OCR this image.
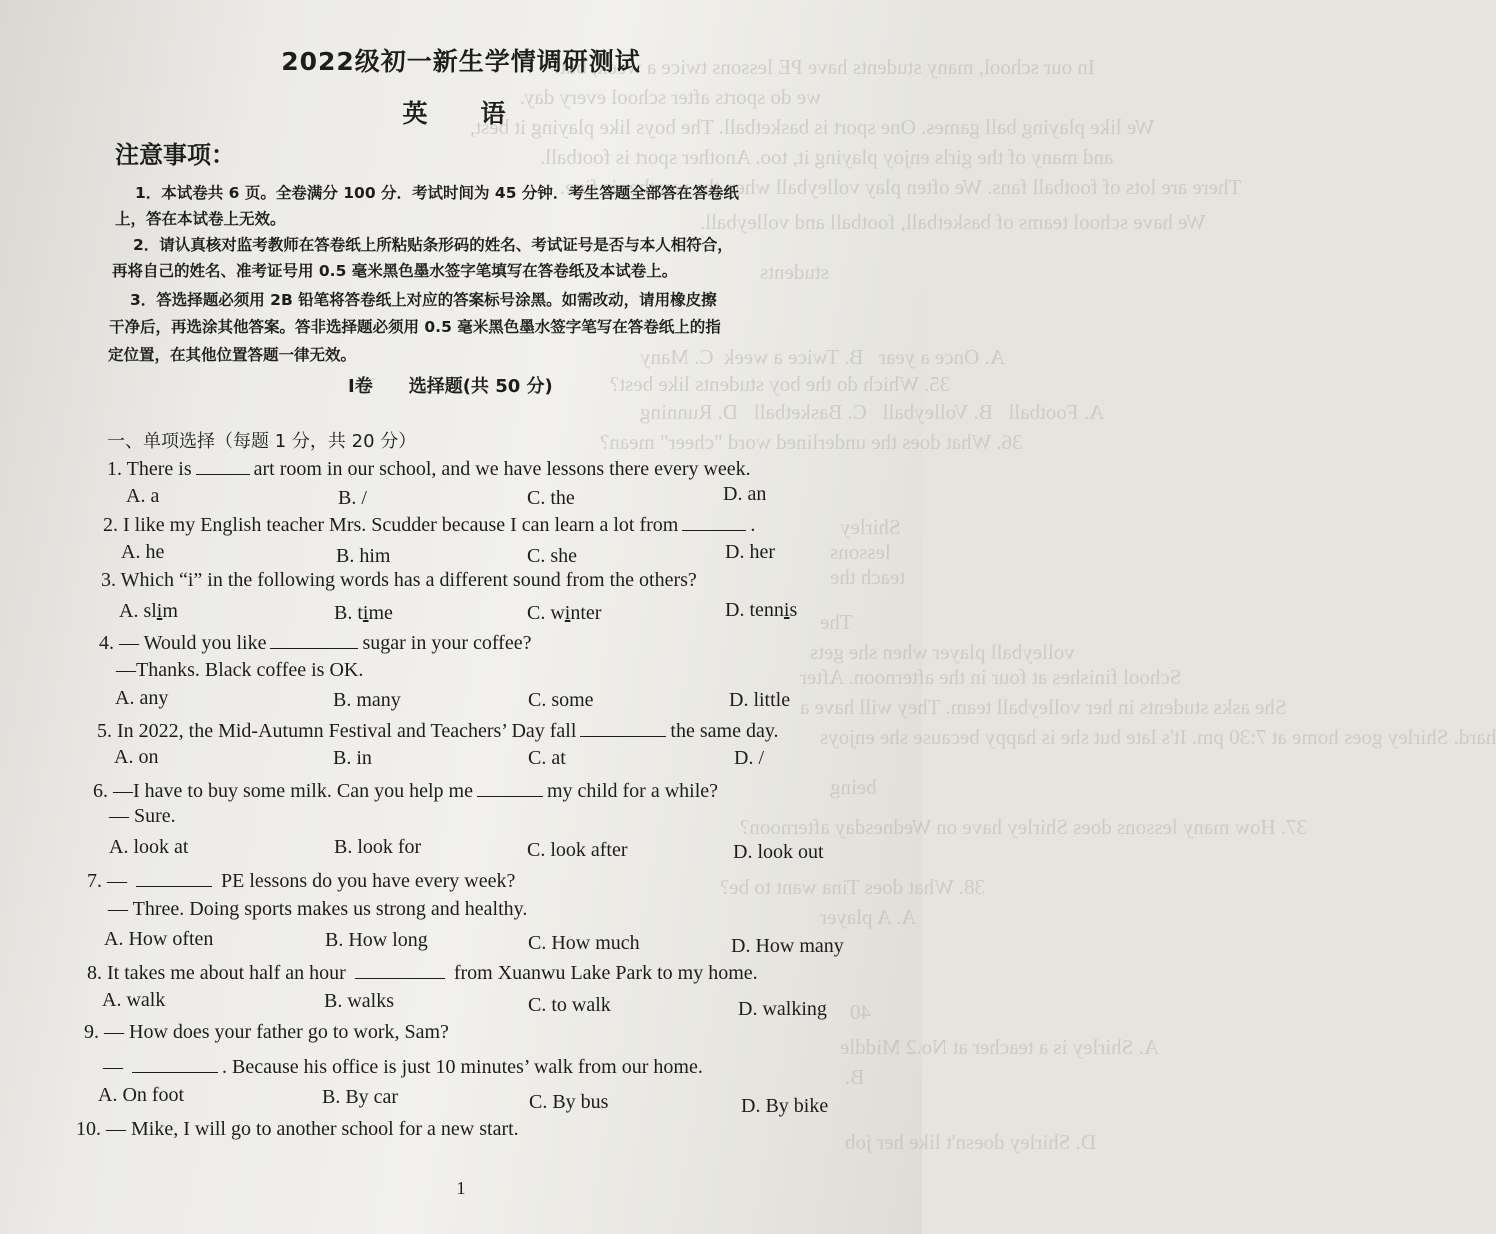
In our school, many students have PE lessons twice a week, but
we do sports after school every day.
We like playing ball games. One sport is basketball. The boys like playing it best,
and many of the girls enjoy playing it, too. Another sport is football.
There are lots of football fans. We often play volleyball when the weather is fine.
We have school teams of basketball, football and volleyball.
students
A. Once a year   B. Twice a week  C. Many
35. Which do the boy students like best?
A. Football   B. Volleyball   C. Basketball   D. Running
36. What does the underlined word "cheer" mean?
Shirley
lessons
teach the
The
volleyball player when she gets
School finishes at four in the afternoon. After
She asks students in her volleyball team. They will have a
hard. Shirley goes home at 7:30 pm. It's late but she is happy because she enjoys
being
37. How many lessons does Shirley have on Wednesday afternoon?
38. What does Tina want to be?
A. A player
40
A. Shirley is a teacher at No.2 Middle
B.
D. Shirley doesn't like her job
2022级初一新生学情调研测试
英　语
注意事项：
1．本试卷共 6 页。全卷满分 100 分．考试时间为 45 分钟．考生答题全部答在答卷纸
上，答在本试卷上无效。
2．请认真核对监考教师在答卷纸上所粘贴条形码的姓名、考试证号是否与本人相符合，
再将自己的姓名、准考证号用 0.5 毫米黑色墨水签字笔填写在答卷纸及本试卷上。
3．答选择题必须用 2B 铅笔将答卷纸上对应的答案标号涂黑。如需改动，请用橡皮擦
干净后，再选涂其他答案。答非选择题必须用 0.5 毫米黑色墨水签字笔写在答卷纸上的指
定位置，在其他位置答题一律无效。
Ⅰ卷 选择题(共 50 分)
一、单项选择（每题 1 分，共 20 分）
1. There is	art room in our school, and we have lessons there every week.
A. a	B. /	C. the	D. an
2. I like my English teacher Mrs. Scudder because I can learn a lot from	.
A. he	B. him	C. she	D. her
3. Which “i” in the following words has a different sound from the others?
A. slim	B. time	C. winter	D. tennis
4. — Would you like	sugar in your coffee?
—Thanks. Black coffee is OK.
A. any	B. many	C. some	D. little
5. In 2022, the Mid-Autumn Festival and Teachers’ Day fall	the same day.
A. on	B. in	C. at	D. /
6. —I have to buy some milk. Can you help me	my child for a while?
— Sure.
A. look at	B. look for	C. look after	D. look out
7. —	PE lessons do you have every week?
— Three. Doing sports makes us strong and healthy.
A. How often	B. How long	C. How much	D. How many
8. It takes me about half an hour	from Xuanwu Lake Park to my home.
A. walk	B. walks	C. to walk	D. walking
9. — How does your father go to work, Sam?
—	. Because his office is just 10 minutes’ walk from our home.
A. On foot	B. By car	C. By bus	D. By bike
10. — Mike, I will go to another school for a new start.
1
